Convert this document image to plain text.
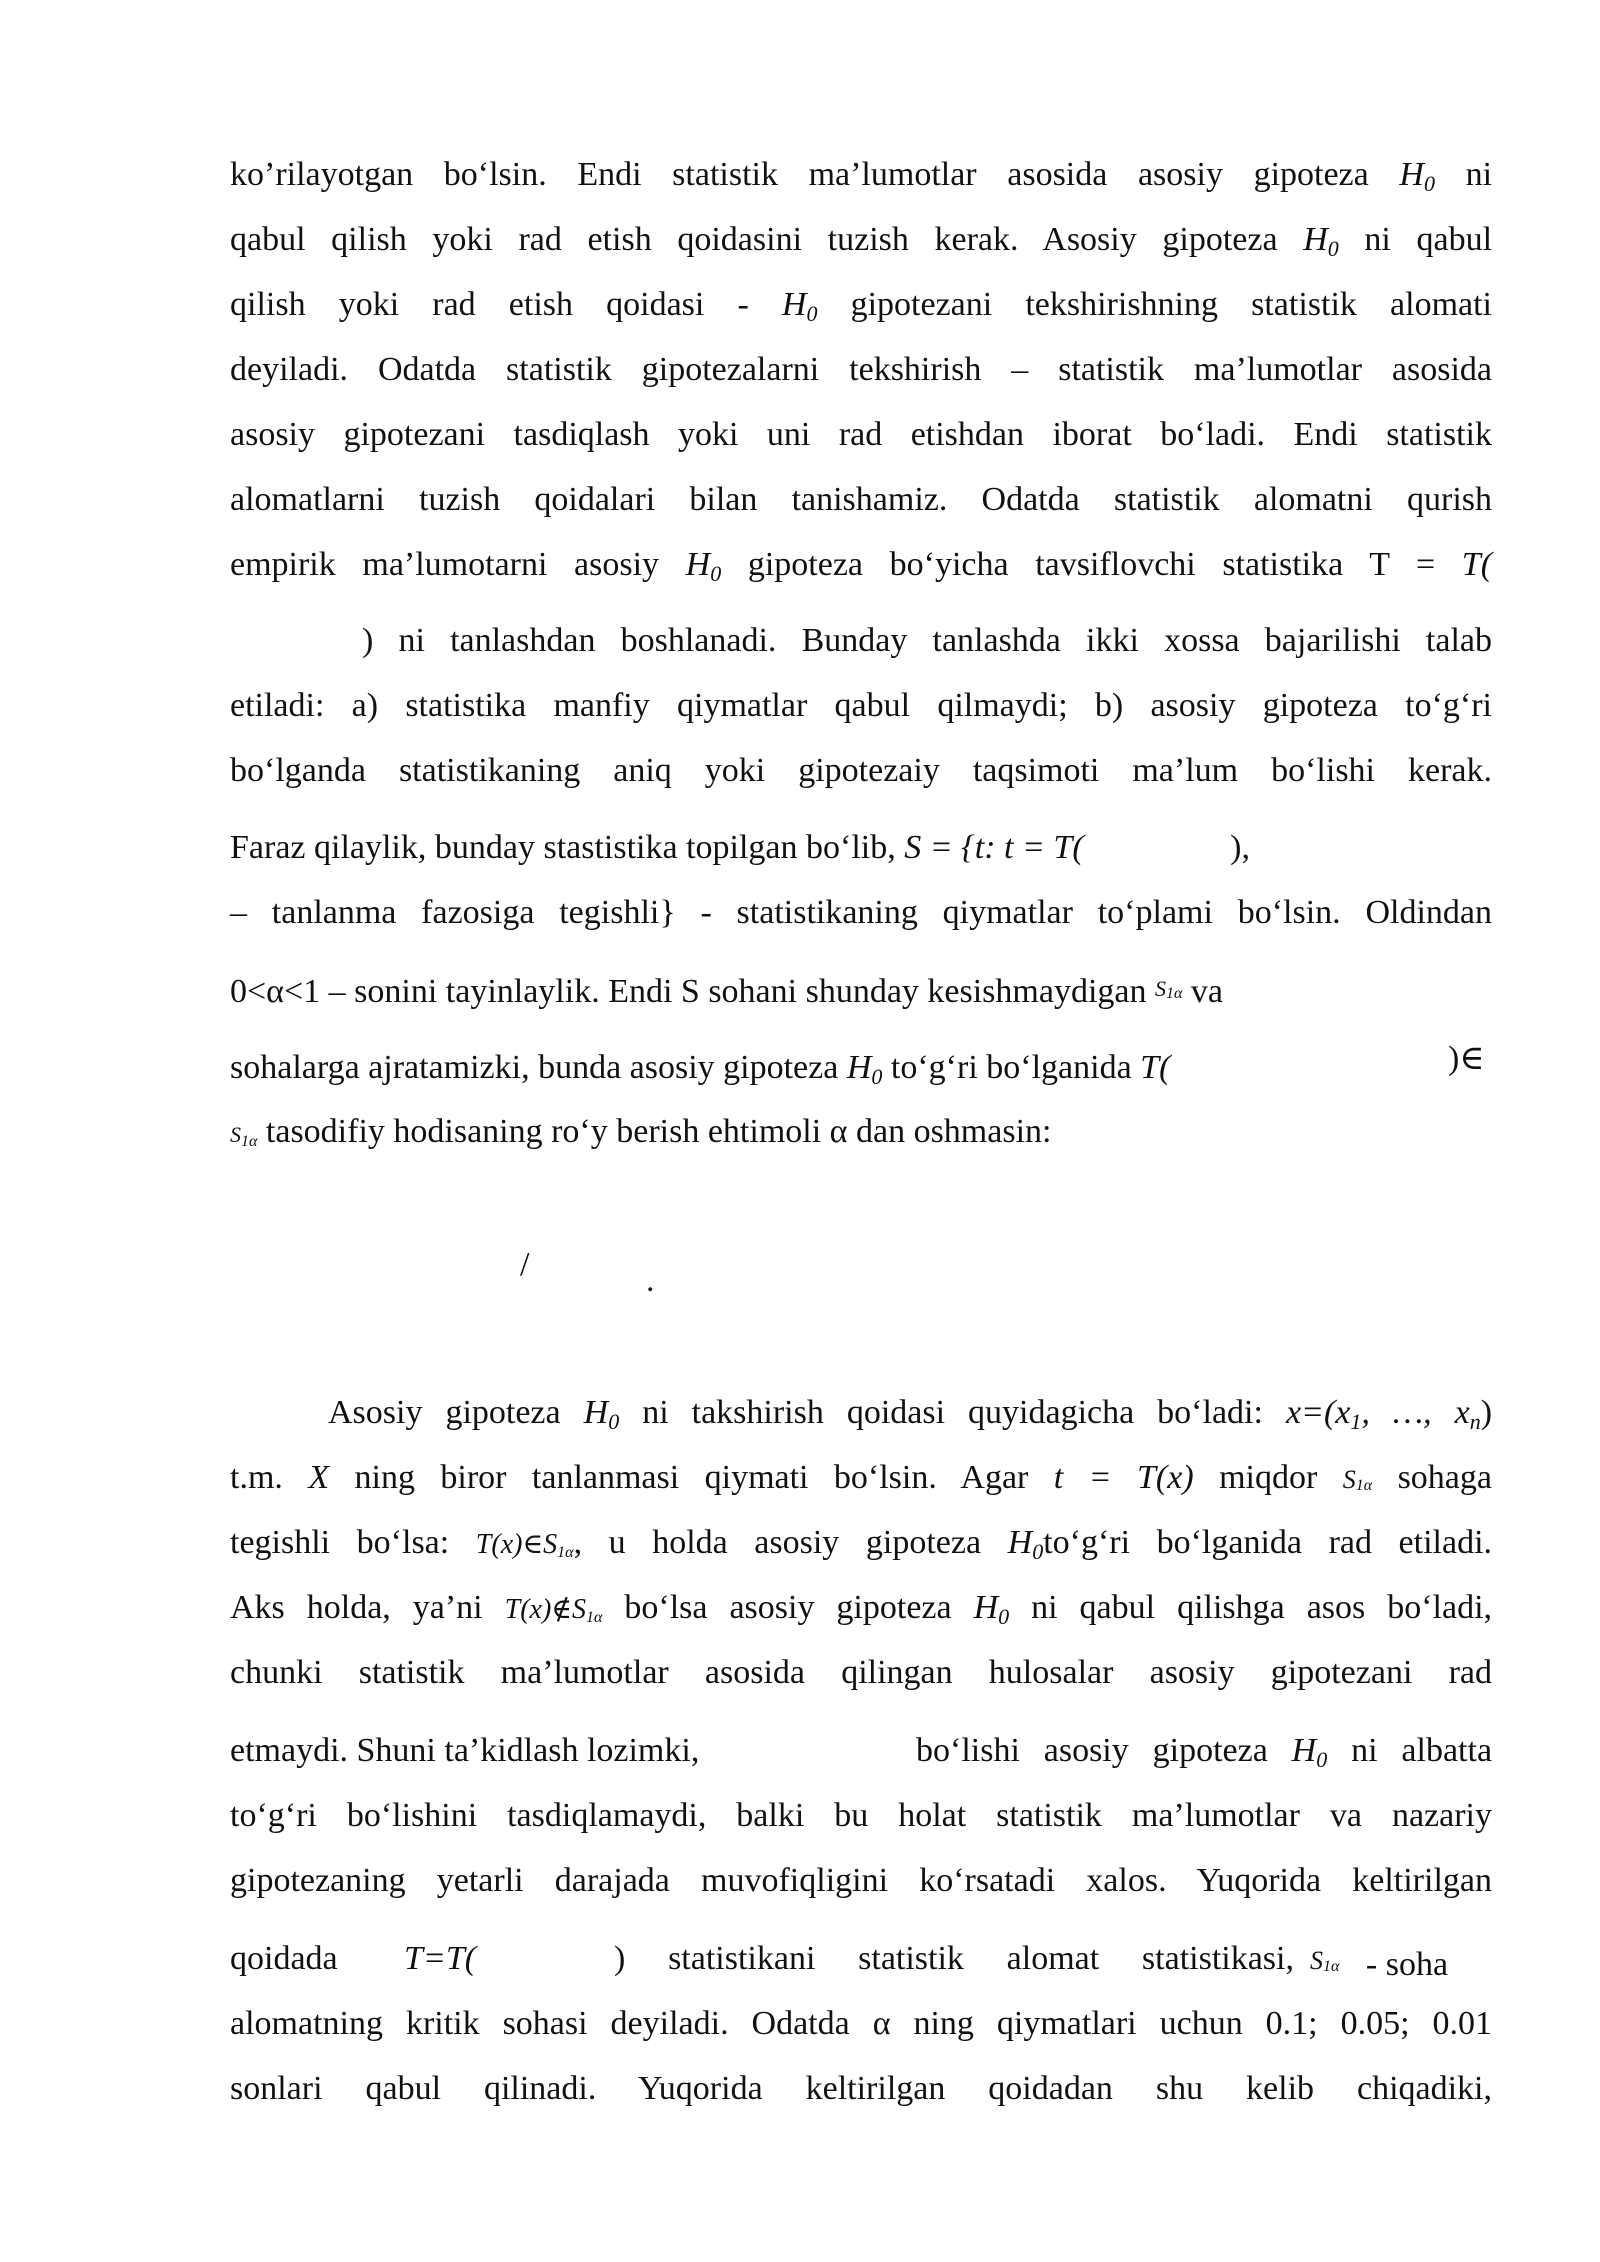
ko’rilayotgan bo‘lsin. Endi statistik ma’lumotlar asosida asosiy gipoteza $H_0$ ni
qabul qilish yoki rad etish qoidasini tuzish kerak. Asosiy gipoteza $H_0$ ni qabul
qilish yoki rad etish qoidasi - $H_0$ gipotezani tekshirishning statistik alomati
deyiladi. Odatda statistik gipotezalarni tekshirish – statistik ma’lumotlar asosida
asosiy gipotezani tasdiqlash yoki uni rad etishdan iborat bo‘ladi. Endi statistik
alomatlarni tuzish qoidalari bilan tanishamiz. Odatda statistik alomatni qurish
empirik ma’lumotarni asosiy $H_0$ gipoteza bo‘yicha tavsiflovchi statistika T = T(
) ni tanlashdan boshlanadi. Bunday tanlashda ikki xossa bajarilishi talab
etiladi: a) statistika manfiy qiymatlar qabul qilmaydi; b) asosiy gipoteza to‘g‘ri
bo‘lganda statistikaning aniq yoki gipotezaiy taqsimoti ma’lum bo‘lishi kerak.
Faraz qilaylik, bunday stastistika topilgan bo‘lib, S = {t: t = T(	),
– tanlanma fazosiga tegishli} - statistikaning qiymatlar to‘plami bo‘lsin. Oldindan
0<α<1 – sonini tayinlaylik. Endi S sohani shunday kesishmaydigan $S^{1\alpha}$ va
sohalarga ajratamizki, bunda asosiy gipoteza $H_0$ to‘g‘ri bo‘lganida T(	)∈
$S_{1\alpha}$ tasodifiy hodisaning ro‘y berish ehtimoli α dan oshmasin:
/	.
Asosiy gipoteza $H_0$ ni takshirish qoidasi quyidagicha bo‘ladi: $x=(x_1$, …, $x_n$)
t.m. X ning biror tanlanmasi qiymati bo‘lsin. Agar t = T(x) miqdor S1α sohaga
tegishli bo‘lsa: $T(x)\in S_{1\alpha}$, u holda asosiy gipoteza $H_0to‘g‘ri$ bo‘lganida rad etiladi.
Aks holda, ya’ni $T(x)\notin S_{1\alpha}$ bo‘lsa asosiy gipoteza $H_0$ ni qabul qilishga asos bo‘ladi,
chunki statistik ma’lumotlar asosida qilingan hulosalar asosiy gipotezani rad
etmaydi. Shuni ta’kidlash lozimki,	bo‘lishi asosiy gipoteza $H_0$ ni albatta
to‘g‘ri bo‘lishini tasdiqlamaydi, balki bu holat statistik ma’lumotlar va nazariy
gipotezaning yetarli darajada muvofiqligini ko‘rsatadi xalos. Yuqorida keltirilgan
qoidada	T=T(	) statistikani statistik alomat statistikasi, S1α - soha
alomatning kritik sohasi deyiladi. Odatda α ning qiymatlari uchun 0.1; 0.05; 0.01
sonlari qabul qilinadi. Yuqorida keltirilgan qoidadan shu kelib chiqadiki,
